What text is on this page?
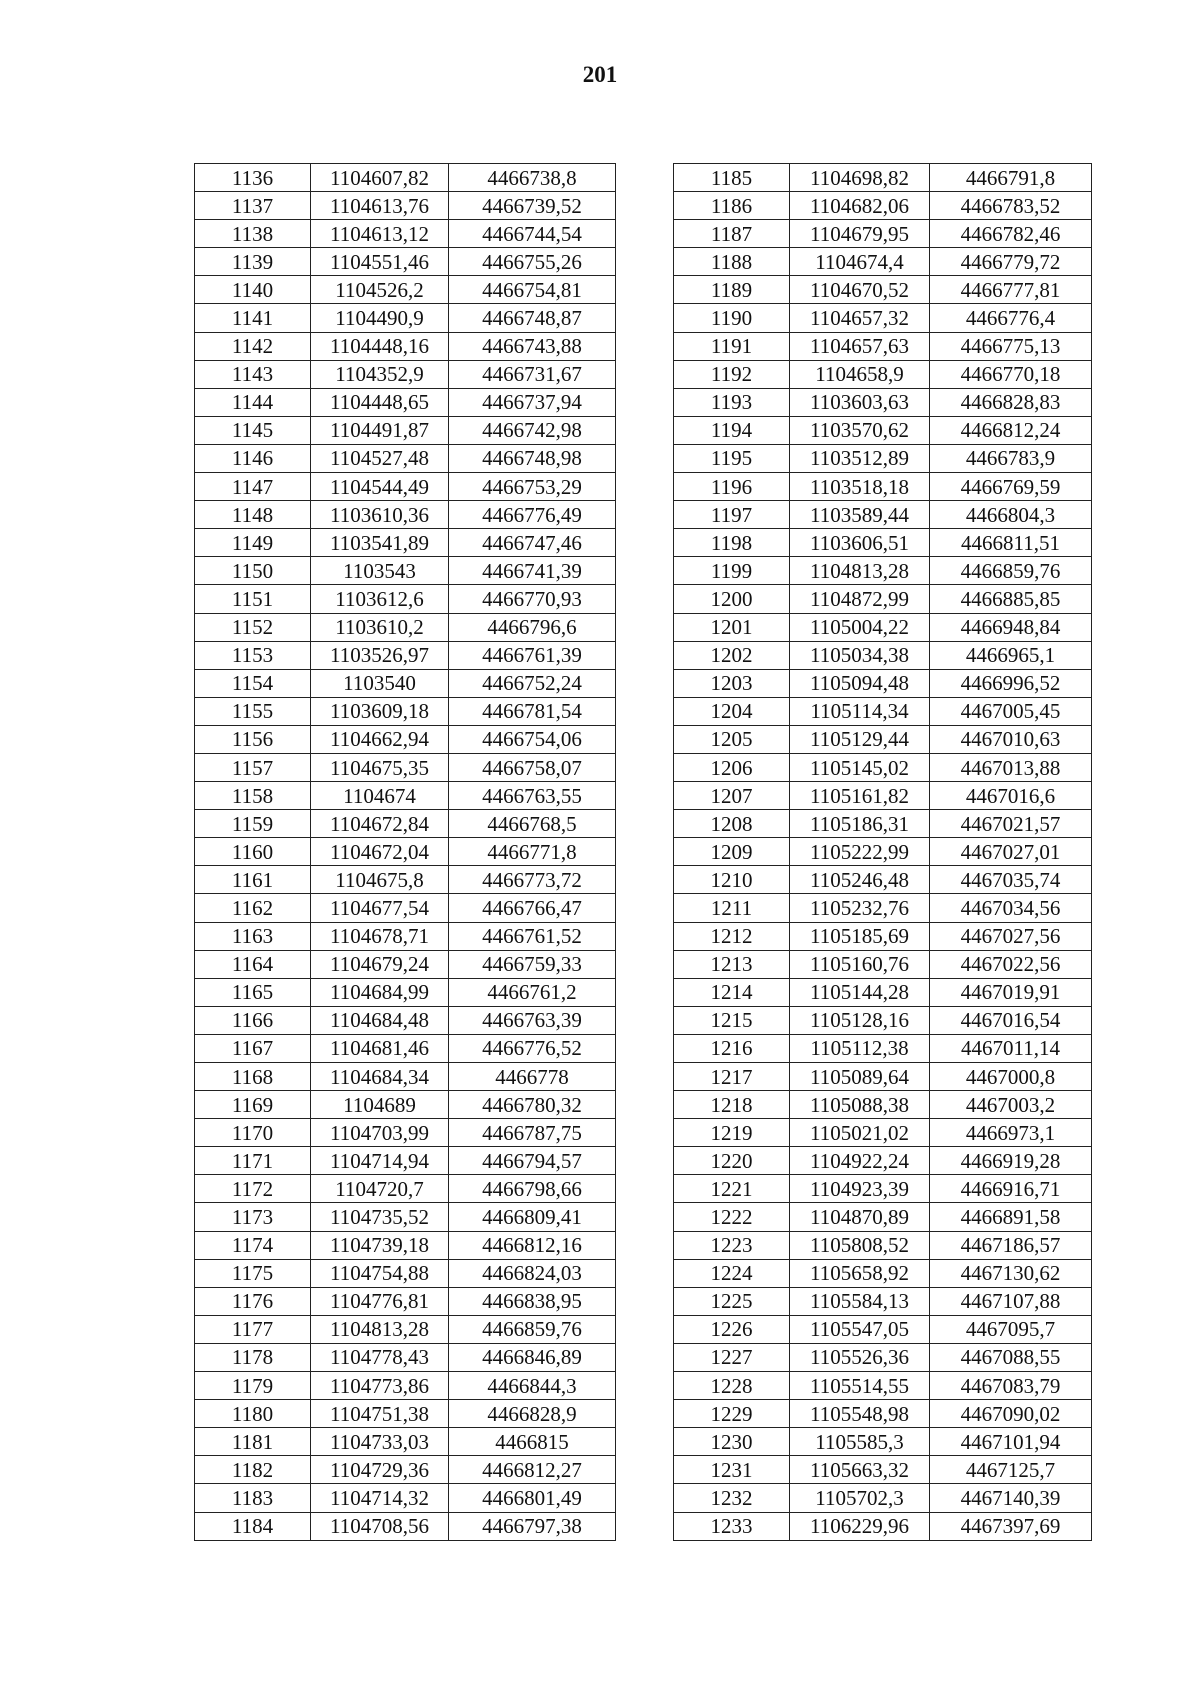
201
1136	1104607,82	4466738,8
1137	1104613,76	4466739,52
1138	1104613,12	4466744,54
1139	1104551,46	4466755,26
1140	1104526,2	4466754,81
1141	1104490,9	4466748,87
1142	1104448,16	4466743,88
1143	1104352,9	4466731,67
1144	1104448,65	4466737,94
1145	1104491,87	4466742,98
1146	1104527,48	4466748,98
1147	1104544,49	4466753,29
1148	1103610,36	4466776,49
1149	1103541,89	4466747,46
1150	1103543	4466741,39
1151	1103612,6	4466770,93
1152	1103610,2	4466796,6
1153	1103526,97	4466761,39
1154	1103540	4466752,24
1155	1103609,18	4466781,54
1156	1104662,94	4466754,06
1157	1104675,35	4466758,07
1158	1104674	4466763,55
1159	1104672,84	4466768,5
1160	1104672,04	4466771,8
1161	1104675,8	4466773,72
1162	1104677,54	4466766,47
1163	1104678,71	4466761,52
1164	1104679,24	4466759,33
1165	1104684,99	4466761,2
1166	1104684,48	4466763,39
1167	1104681,46	4466776,52
1168	1104684,34	4466778
1169	1104689	4466780,32
1170	1104703,99	4466787,75
1171	1104714,94	4466794,57
1172	1104720,7	4466798,66
1173	1104735,52	4466809,41
1174	1104739,18	4466812,16
1175	1104754,88	4466824,03
1176	1104776,81	4466838,95
1177	1104813,28	4466859,76
1178	1104778,43	4466846,89
1179	1104773,86	4466844,3
1180	1104751,38	4466828,9
1181	1104733,03	4466815
1182	1104729,36	4466812,27
1183	1104714,32	4466801,49
1184	1104708,56	4466797,38
1185	1104698,82	4466791,8
1186	1104682,06	4466783,52
1187	1104679,95	4466782,46
1188	1104674,4	4466779,72
1189	1104670,52	4466777,81
1190	1104657,32	4466776,4
1191	1104657,63	4466775,13
1192	1104658,9	4466770,18
1193	1103603,63	4466828,83
1194	1103570,62	4466812,24
1195	1103512,89	4466783,9
1196	1103518,18	4466769,59
1197	1103589,44	4466804,3
1198	1103606,51	4466811,51
1199	1104813,28	4466859,76
1200	1104872,99	4466885,85
1201	1105004,22	4466948,84
1202	1105034,38	4466965,1
1203	1105094,48	4466996,52
1204	1105114,34	4467005,45
1205	1105129,44	4467010,63
1206	1105145,02	4467013,88
1207	1105161,82	4467016,6
1208	1105186,31	4467021,57
1209	1105222,99	4467027,01
1210	1105246,48	4467035,74
1211	1105232,76	4467034,56
1212	1105185,69	4467027,56
1213	1105160,76	4467022,56
1214	1105144,28	4467019,91
1215	1105128,16	4467016,54
1216	1105112,38	4467011,14
1217	1105089,64	4467000,8
1218	1105088,38	4467003,2
1219	1105021,02	4466973,1
1220	1104922,24	4466919,28
1221	1104923,39	4466916,71
1222	1104870,89	4466891,58
1223	1105808,52	4467186,57
1224	1105658,92	4467130,62
1225	1105584,13	4467107,88
1226	1105547,05	4467095,7
1227	1105526,36	4467088,55
1228	1105514,55	4467083,79
1229	1105548,98	4467090,02
1230	1105585,3	4467101,94
1231	1105663,32	4467125,7
1232	1105702,3	4467140,39
1233	1106229,96	4467397,69
